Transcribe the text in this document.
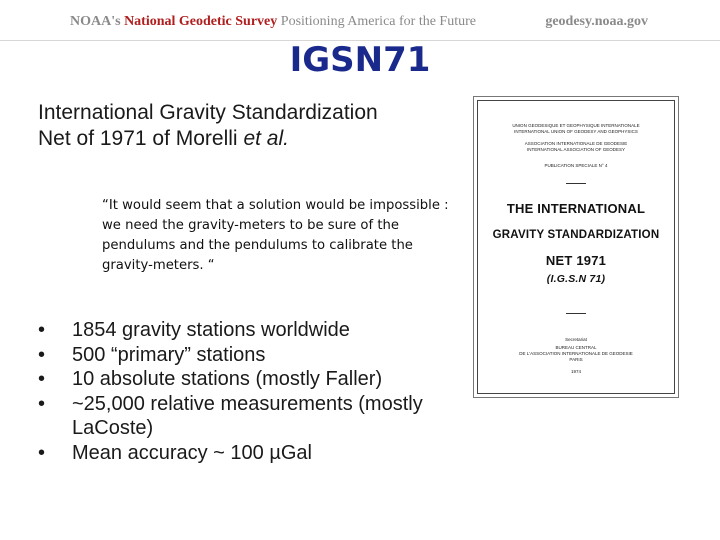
NOAA's National Geodetic Survey Positioning America for the Future	geodesy.noaa.gov
IGSN71
International Gravity Standardization
Net of 1971 of Morelli et al.
“It would seem that a solution would be impossible : we need the gravity-meters to be sure of the pendulums and the pendulums to calibrate the gravity-meters. “
• 1854 gravity stations worldwide
• 500 “primary” stations
• 10 absolute stations (mostly Faller)
• ~25,000 relative measurements (mostly LaCoste)
• Mean accuracy ~ 100 µGal
UNION GEODESIQUE ET GEOPHYSIQUE INTERNATIONALE
INTERNATIONAL UNION OF GEODESY AND GEOPHYSICS
ASSOCIATION INTERNATIONALE DE GEODESIE
INTERNATIONAL ASSOCIATION OF GEODESY
PUBLICATION SPECIALE N° 4
THE INTERNATIONAL
GRAVITY STANDARDIZATION
NET 1971
(I.G.S.N 71)
Secretariat
BUREAU CENTRAL
DE L'ASSOCIATION INTERNATIONALE DE GEODESIE
PARIS
1974
